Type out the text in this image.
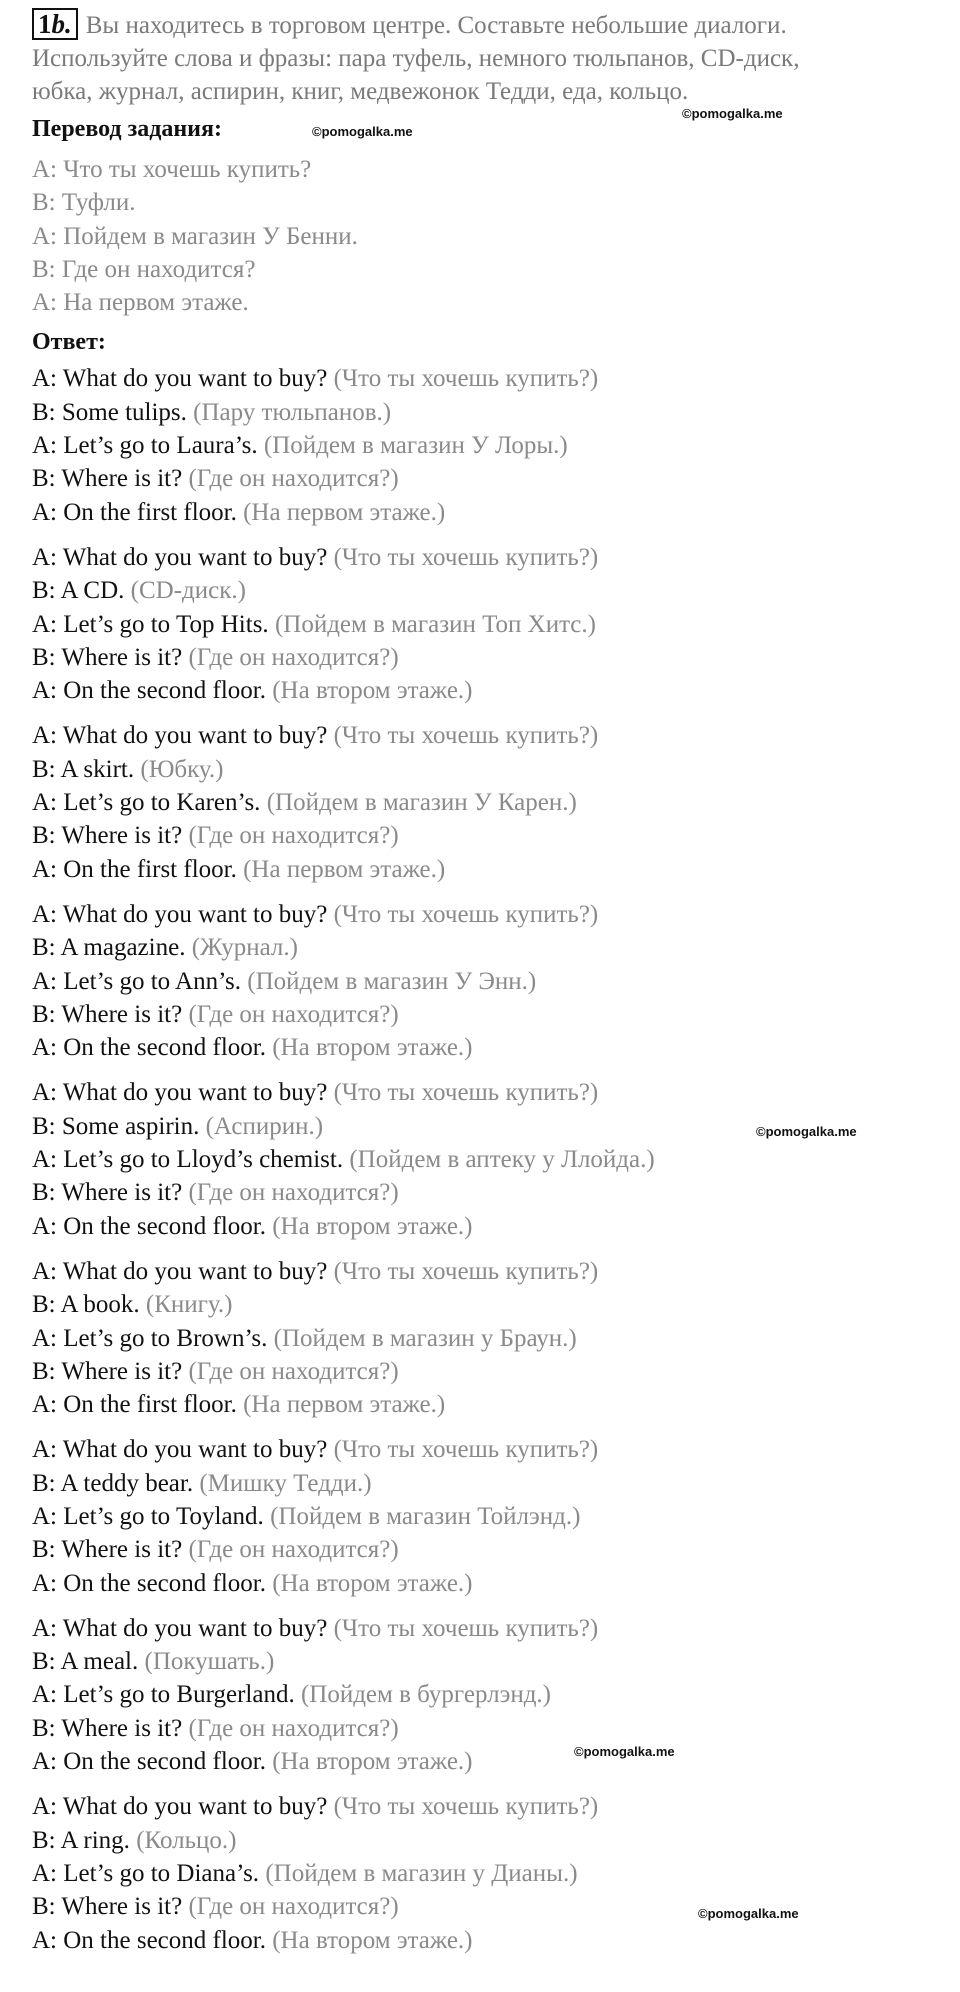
1b. Вы находитесь в торговом центре. Составьте небольшие диалоги.
Используйте слова и фразы: пара туфель, немного тюльпанов, CD-диск,
юбка, журнал, аспирин, книг, медвежонок Тедди, еда, кольцо.
Перевод задания:
A: Что ты хочешь купить?
B: Туфли.
A: Пойдем в магазин У Бенни.
B: Где он находится?
A: На первом этаже.
Ответ:
A: What do you want to buy? (Что ты хочешь купить?)
B: Some tulips. (Пару тюльпанов.)
A: Let’s go to Laura’s. (Пойдем в магазин У Лоры.)
B: Where is it? (Где он находится?)
A: On the first floor. (На первом этаже.)
A: What do you want to buy? (Что ты хочешь купить?)
B: A CD. (CD-диск.)
A: Let’s go to Top Hits. (Пойдем в магазин Топ Хитс.)
B: Where is it? (Где он находится?)
A: On the second floor. (На втором этаже.)
A: What do you want to buy? (Что ты хочешь купить?)
B: A skirt. (Юбку.)
A: Let’s go to Karen’s. (Пойдем в магазин У Карен.)
B: Where is it? (Где он находится?)
A: On the first floor. (На первом этаже.)
A: What do you want to buy? (Что ты хочешь купить?)
B: A magazine. (Журнал.)
A: Let’s go to Ann’s. (Пойдем в магазин У Энн.)
B: Where is it? (Где он находится?)
A: On the second floor. (На втором этаже.)
A: What do you want to buy? (Что ты хочешь купить?)
B: Some aspirin. (Аспирин.)
A: Let’s go to Lloyd’s chemist. (Пойдем в аптеку у Ллойда.)
B: Where is it? (Где он находится?)
A: On the second floor. (На втором этаже.)
A: What do you want to buy? (Что ты хочешь купить?)
B: A book. (Книгу.)
A: Let’s go to Brown’s. (Пойдем в магазин у Браун.)
B: Where is it? (Где он находится?)
A: On the first floor. (На первом этаже.)
A: What do you want to buy? (Что ты хочешь купить?)
B: A teddy bear. (Мишку Тедди.)
A: Let’s go to Toyland. (Пойдем в магазин Тойлэнд.)
B: Where is it? (Где он находится?)
A: On the second floor. (На втором этаже.)
A: What do you want to buy? (Что ты хочешь купить?)
B: A meal. (Покушать.)
A: Let’s go to Burgerland. (Пойдем в бургерлэнд.)
B: Where is it? (Где он находится?)
A: On the second floor. (На втором этаже.)
A: What do you want to buy? (Что ты хочешь купить?)
B: A ring. (Кольцо.)
A: Let’s go to Diana’s. (Пойдем в магазин у Дианы.)
B: Where is it? (Где он находится?)
A: On the second floor. (На втором этаже.)
©pomogalka.me
©pomogalka.me
©pomogalka.me
©pomogalka.me
©pomogalka.me
